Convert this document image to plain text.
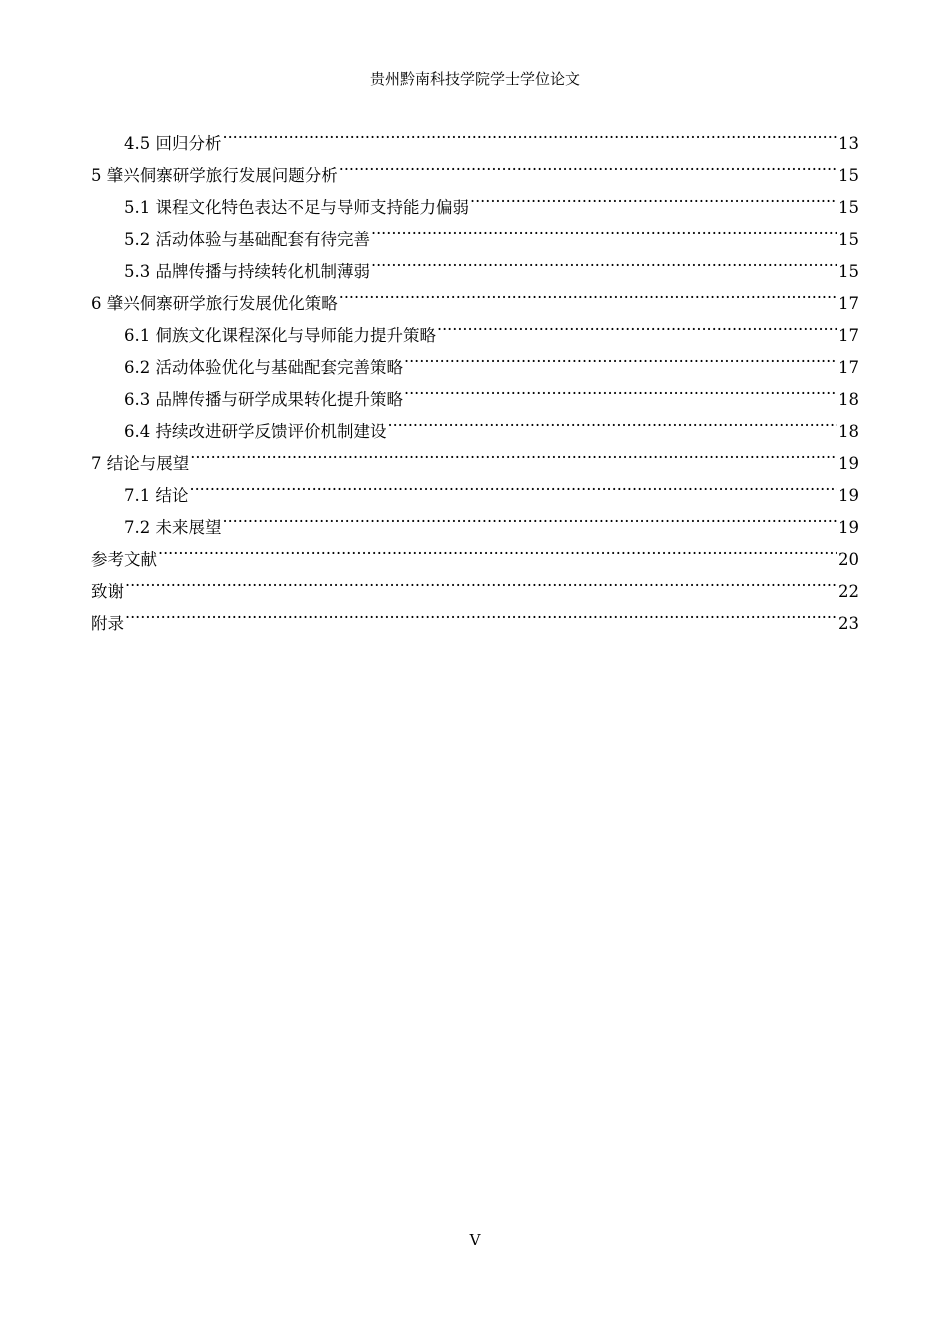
贵州黔南科技学院学士学位论文
4.5 回归分析 .....	13
5 肇兴侗寨研学旅行发展问题分析 .....	15
5.1 课程文化特色表达不足与导师支持能力偏弱 .....	15
5.2 活动体验与基础配套有待完善 .....	15
5.3 品牌传播与持续转化机制薄弱 .....	15
6 肇兴侗寨研学旅行发展优化策略 .....	17
6.1 侗族文化课程深化与导师能力提升策略 .....	17
6.2 活动体验优化与基础配套完善策略 .....	17
6.3 品牌传播与研学成果转化提升策略 .....	18
6.4 持续改进研学反馈评价机制建设 .....	18
7 结论与展望 .....	19
7.1 结论 .....	19
7.2 未来展望 .....	19
参考文献 .....	20
致谢 .....	22
附录 .....	23
V
